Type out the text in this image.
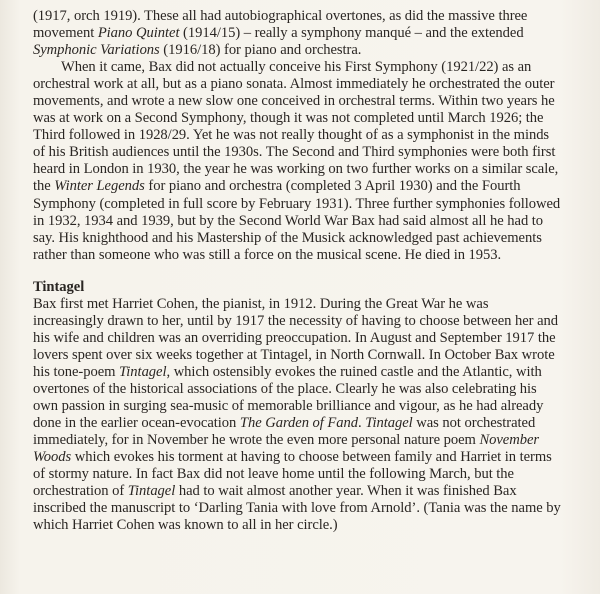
(1917, orch 1919). These all had autobiographical overtones, as did the massive three movement Piano Quintet (1914/15) – really a symphony manqué – and the extended Symphonic Variations (1916/18) for piano and orchestra.

When it came, Bax did not actually conceive his First Symphony (1921/22) as an orchestral work at all, but as a piano sonata. Almost immediately he orchestrated the outer movements, and wrote a new slow one conceived in orchestral terms. Within two years he was at work on a Second Symphony, though it was not completed until March 1926; the Third followed in 1928/29. Yet he was not really thought of as a symphonist in the minds of his British audiences until the 1930s. The Second and Third symphonies were both first heard in London in 1930, the year he was working on two further works on a similar scale, the Winter Legends for piano and orchestra (completed 3 April 1930) and the Fourth Symphony (completed in full score by February 1931). Three further symphonies followed in 1932, 1934 and 1939, but by the Second World War Bax had said almost all he had to say. His knighthood and his Mastership of the Musick acknowledged past achievements rather than someone who was still a force on the musical scene. He died in 1953.

Tintagel

Bax first met Harriet Cohen, the pianist, in 1912. During the Great War he was increasingly drawn to her, until by 1917 the necessity of having to choose between her and his wife and children was an overriding preoccupation. In August and September 1917 the lovers spent over six weeks together at Tintagel, in North Cornwall. In October Bax wrote his tone-poem Tintagel, which ostensibly evokes the ruined castle and the Atlantic, with overtones of the historical associations of the place. Clearly he was also celebrating his own passion in surging sea-music of memorable brilliance and vigour, as he had already done in the earlier ocean-evocation The Garden of Fand. Tintagel was not orchestrated immediately, for in November he wrote the even more personal nature poem November Woods which evokes his torment at having to choose between family and Harriet in terms of stormy nature. In fact Bax did not leave home until the following March, but the orchestration of Tintagel had to wait almost another year. When it was finished Bax inscribed the manuscript to ‘Darling Tania with love from Arnold’. (Tania was the name by which Harriet Cohen was known to all in her circle.)
